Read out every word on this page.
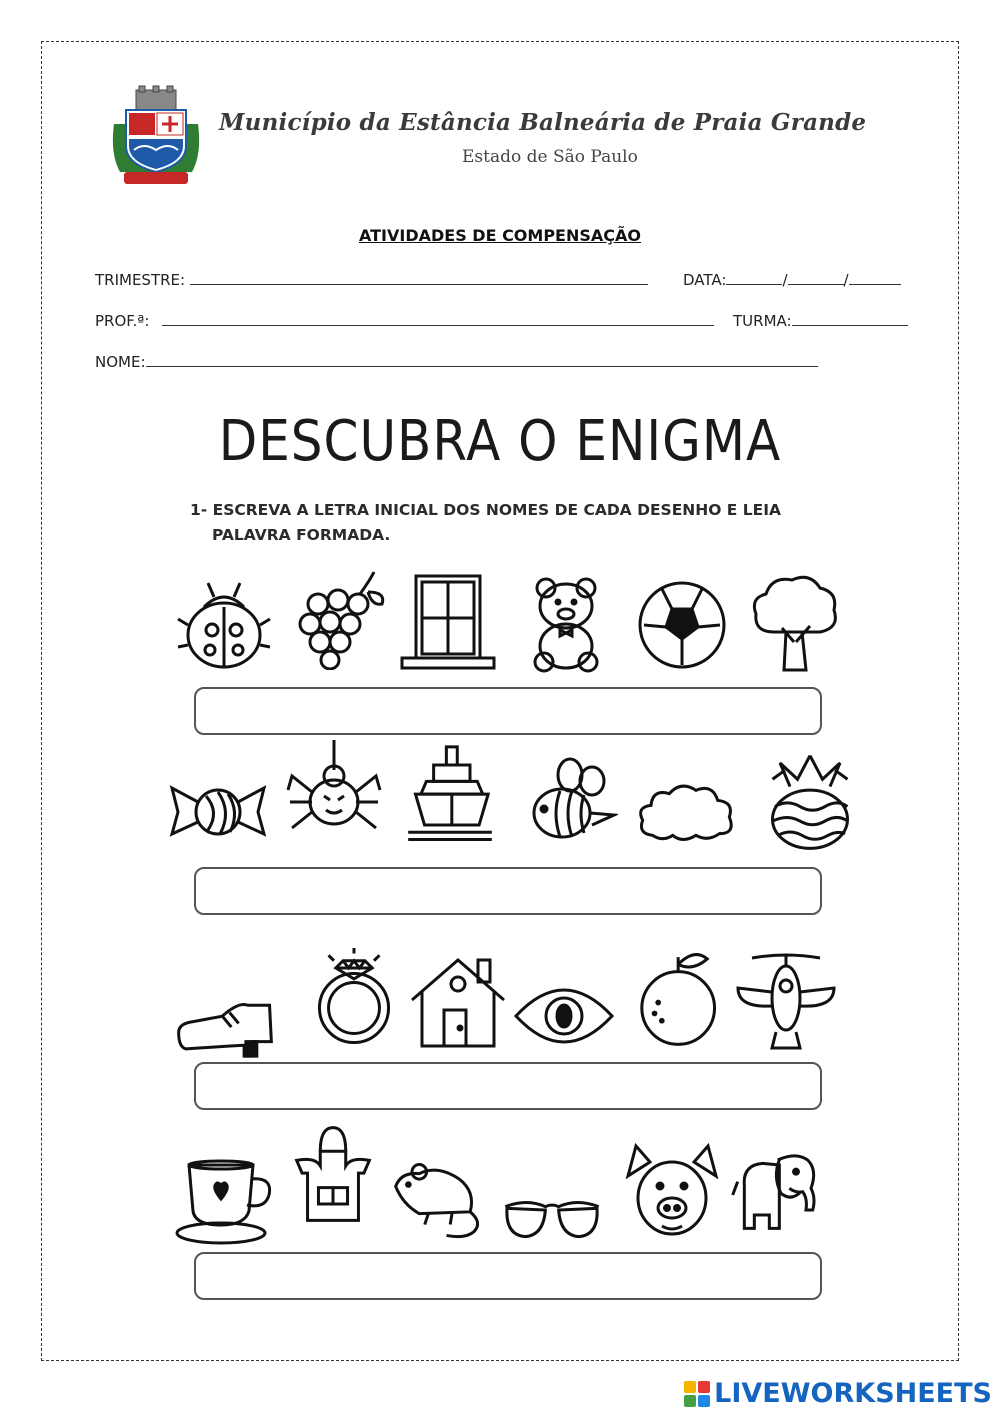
Município da Estância Balneária de Praia Grande
Estado de São Paulo
ATIVIDADES DE COMPENSAÇÃO
TRIMESTRE:	DATA:	/	/
PROF.ª:	TURMA:
NOME:
DESCUBRA O ENIGMA
1- ESCREVA A LETRA INICIAL DOS NOMES DE CADA DESENHO E LEIA
PALAVRA FORMADA.
LIVEWORKSHEETS
